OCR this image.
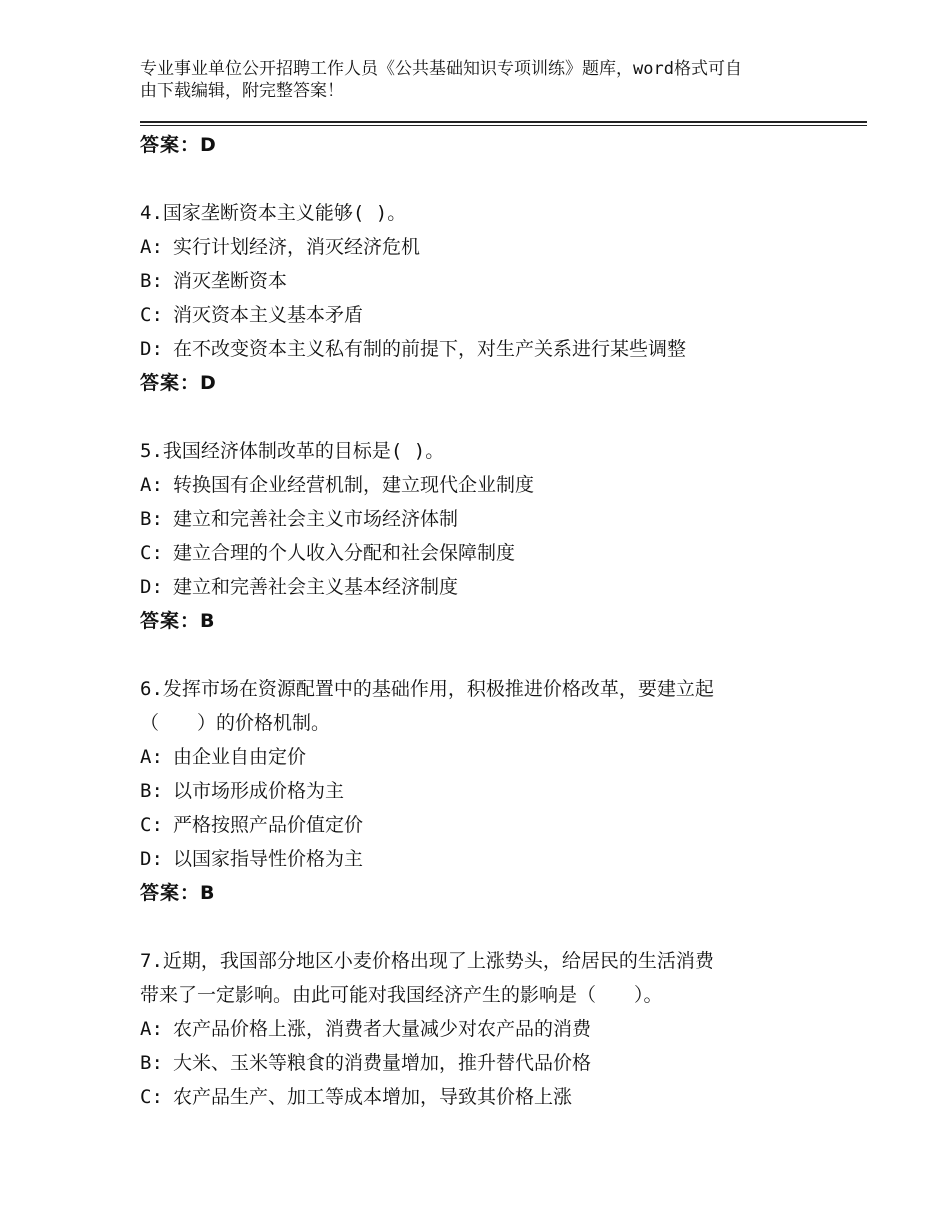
专业事业单位公开招聘工作人员《公共基础知识专项训练》题库，word格式可自
由下载编辑，附完整答案！
答案：D
4.国家垄断资本主义能够( )。
A: 实行计划经济，消灭经济危机
B: 消灭垄断资本
C: 消灭资本主义基本矛盾
D: 在不改变资本主义私有制的前提下，对生产关系进行某些调整
答案：D
5.我国经济体制改革的目标是( )。
A: 转换国有企业经营机制，建立现代企业制度
B: 建立和完善社会主义市场经济体制
C: 建立合理的个人收入分配和社会保障制度
D: 建立和完善社会主义基本经济制度
答案：B
6.发挥市场在资源配置中的基础作用，积极推进价格改革，要建立起
（　　）的价格机制。
A: 由企业自由定价
B: 以市场形成价格为主
C: 严格按照产品价值定价
D: 以国家指导性价格为主
答案：B
7.近期，我国部分地区小麦价格出现了上涨势头，给居民的生活消费
带来了一定影响。由此可能对我国经济产生的影响是（　　）。
A: 农产品价格上涨，消费者大量减少对农产品的消费
B: 大米、玉米等粮食的消费量增加，推升替代品价格
C: 农产品生产、加工等成本增加，导致其价格上涨
